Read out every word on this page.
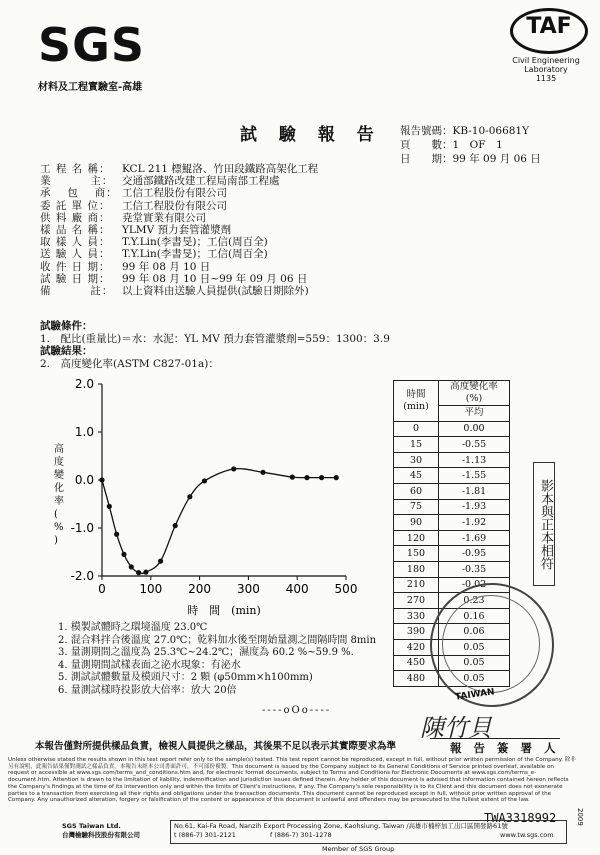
SGS
材料及工程實驗室-高雄
TAF
Civil Engineering
Laboratory
1135
試 驗 報 告 報告號碼：KB-10-06681Y
頁　　數：1　OF　1
日　　期：99 年 09 月 06 日
工 程 名 稱： KCL 211 標鯤洛、竹田段鐵路高架化工程
業　　　 主： 交通部鐵路改建工程局南部工程處
承　 包　 商： 工信工程股份有限公司
委 託 單 位： 工信工程股份有限公司
供 料 廠 商： 尭堂實業有限公司
樣 品 名 稱： YLMV 預力套管灌漿劑
取 樣 人 員： T.Y.Lin(李書旻)；工信(周百全)
送 驗 人 員： T.Y.Lin(李書旻)；工信(周百全)
收 件 日 期： 99 年 08 月 10 日
試 驗 日 期： 99 年 08 月 10 日~99 年 09 月 06 日
備　　　 註： 以上資料由送驗人員提供(試驗日期除外)
試驗條件：
1.　配比(重量比)＝水：水泥：YL MV 預力套管灌漿劑=559：1300：3.9
試驗結果：
2.　高度變化率(ASTM C827-01a)：
2.0
1.0
0.0
-1.0
-2.0
0	100 200 300 400 500
時　間　(min)
高度變化率( % )
時間
(min)	高度變化率
(%)
	平均
0	0.00
15	-0.55
30	-1.13
45	-1.55
60	-1.81
75	-1.93
90	-1.92
120	-1.69
150	-0.95
180	-0.35
210	-0.02
270	0.23
330	0.16
390	0.06
420	0.05
450	0.05
480	0.05
影本與正本相符
TAIWAN
1. 模製試體時之環境溫度 23.0℃
2. 混合料拌合後溫度 27.0℃；乾料加水後至開始量測之間隔時間 8min
3. 量測期間之溫度為 25.3℃~24.2℃；濕度為 60.2 %~59.9 %.
4. 量測期間試樣表面之泌水現象：有泌水
5. 測試試體數量及模頭尺寸：2 顆 (φ50mm×h100mm)
6. 量測試樣時投影放大倍率：放大 20倍
----oOo----
陳竹貝
報 告 簽 署 人
本報告僅對所提供樣品負責，檢視人員提供之樣品，其後果不足以表示其實際要求為準
Unless otherwise stated the results shown in this test report refer only to the sample(s) tested. This test report cannot be reproduced, except in full, without prior written permission of the Company. 除非另有說明，此報告結果僅對測試之樣品負責。本報告未經本公司書面許可，不可部份複製。This document is issued by the Company subject to its General Conditions of Service printed overleaf, available on request or accessible at www.sgs.com/terms_and_conditions.htm and, for electronic format documents, subject to Terms and Conditions for Electronic Documents at www.sgs.com/terms_e-document.htm. Attention is drawn to the limitation of liability, indemnification and jurisdiction issues defined therein. Any holder of this document is advised that information contained hereon reflects the Company's findings at the time of its intervention only and within the limits of Client's instructions, if any. The Company's sole responsibility is to its Client and this document does not exonerate parties to a transaction from exercising all their rights and obligations under the transaction documents. This document cannot be reproduced except in full, without prior written approval of the Company. Any unauthorized alteration, forgery or falsification of the content or appearance of this document is unlawful and offenders may be prosecuted to the fullest extent of the law.
TWA3318992
SGS Taiwan Ltd.
台灣檢驗科技股份有限公司
No.61, Kai-Fa Road, Nanzih Export Processing Zone, Kaohsiung, Taiwan /高雄市楠梓加工出口區開發路61號
t (886-7) 301-2121	f (886-7) 301-1278	www.tw.sgs.com
Member of SGS Group
2009
